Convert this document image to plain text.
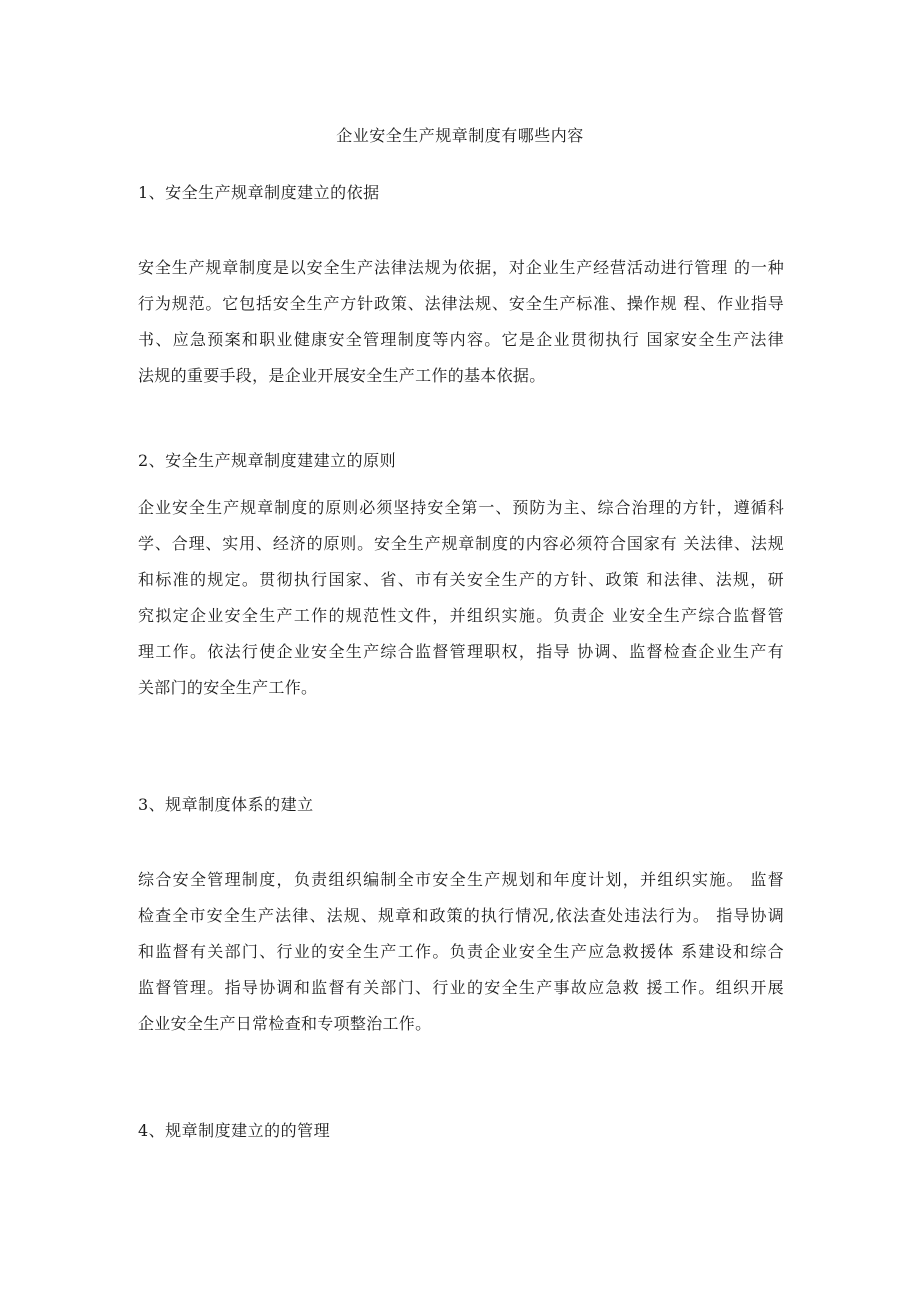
企业安全生产规章制度有哪些内容
1、安全生产规章制度建立的依据
安全生产规章制度是以安全生产法律法规为依据，对企业生产经营活动进行管理 的一种
行为规范。它包括安全生产方针政策、法律法规、安全生产标准、操作规 程、作业指导
书、应急预案和职业健康安全管理制度等内容。它是企业贯彻执行 国家安全生产法律
法规的重要手段，是企业开展安全生产工作的基本依据。
2、安全生产规章制度建建立的原则
企业安全生产规章制度的原则必须坚持安全第一、预防为主、综合治理的方针，遵循科
学、合理、实用、经济的原则。安全生产规章制度的内容必须符合国家有 关法律、法规
和标准的规定。贯彻执行国家、省、市有关安全生产的方针、政策 和法律、法规，研
究拟定企业安全生产工作的规范性文件，并组织实施。负责企 业安全生产综合监督管
理工作。依法行使企业安全生产综合监督管理职权，指导 协调、监督检查企业生产有
关部门的安全生产工作。
3、规章制度体系的建立
综合安全管理制度，负责组织编制全市安全生产规划和年度计划，并组织实施。 监督
检查全市安全生产法律、法规、规章和政策的执行情况,依法查处违法行为。 指导协调
和监督有关部门、行业的安全生产工作。负责企业安全生产应急救援体 系建设和综合
监督管理。指导协调和监督有关部门、行业的安全生产事故应急救 援工作。组织开展
企业安全生产日常检查和专项整治工作。
4、规章制度建立的的管理
